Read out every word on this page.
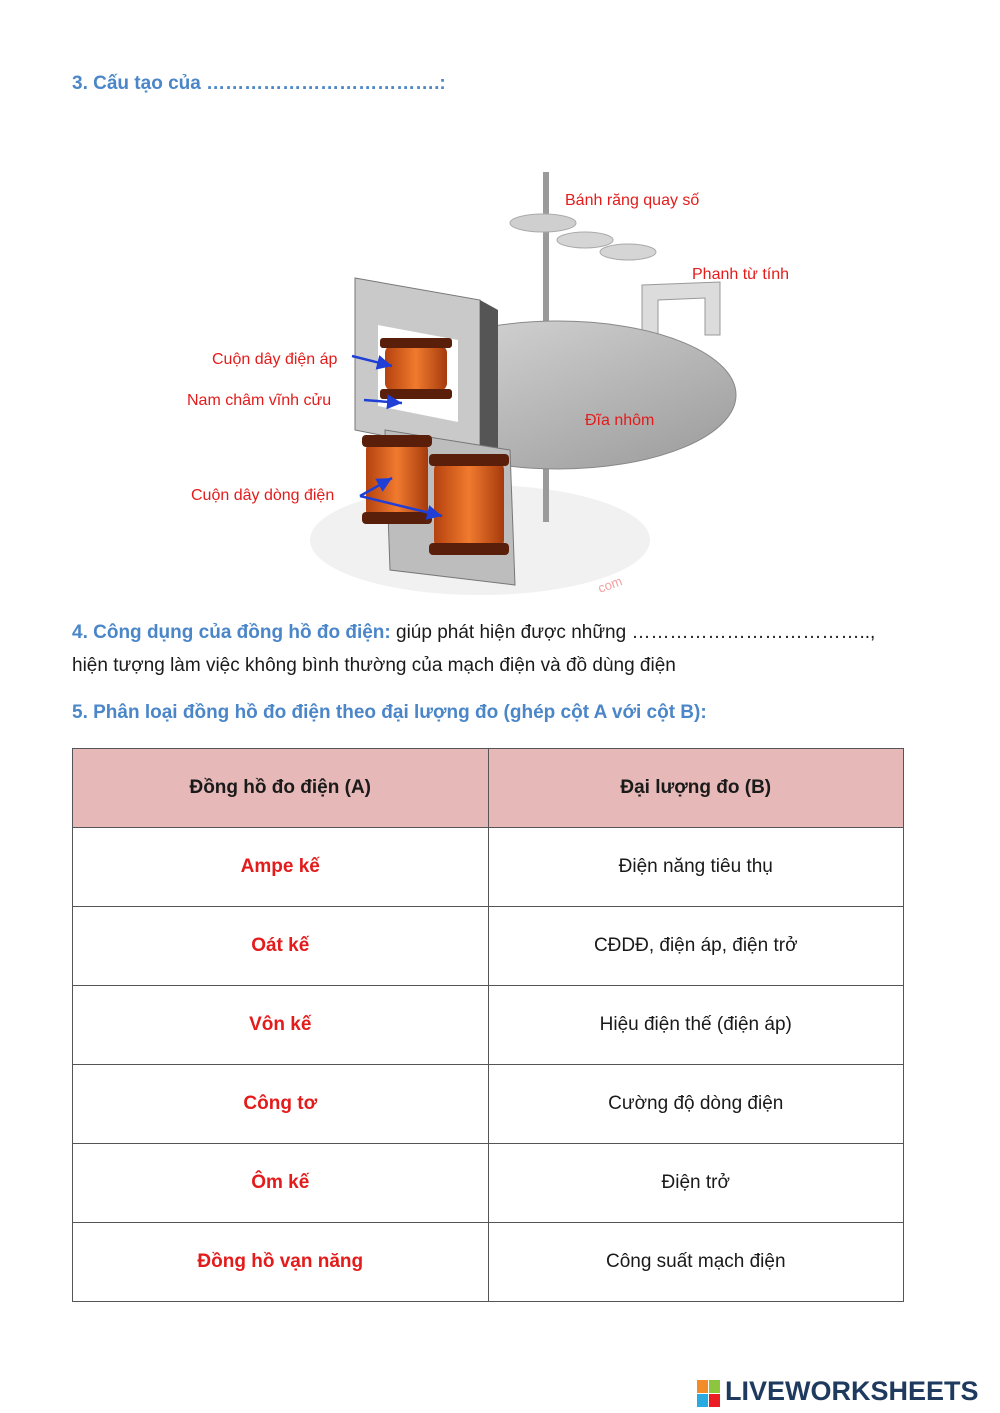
3. Cấu tạo của ……………………………….:
Bánh răng quay số
Phanh từ tính
Cuộn dây điện áp
Nam châm vĩnh cửu
Đĩa nhôm
Cuộn dây dòng điện
com
4. Công dụng của đồng hồ đo điện: giúp phát hiện được những ………………………………..,
hiện tượng làm việc không bình thường của mạch điện và đồ dùng điện
5. Phân loại đồng hồ đo điện theo đại lượng đo (ghép cột A với cột B):
Đồng hồ đo điện (A)	Đại lượng đo (B)
Ampe kế	Điện năng tiêu thụ
Oát kế	CĐDĐ, điện áp, điện trở
Vôn kế	Hiệu điện thế (điện áp)
Công tơ	Cường độ dòng điện
Ôm kế	Điện trở
Đồng hồ vạn năng	Công suất mạch điện
LIVEWORKSHEETS
